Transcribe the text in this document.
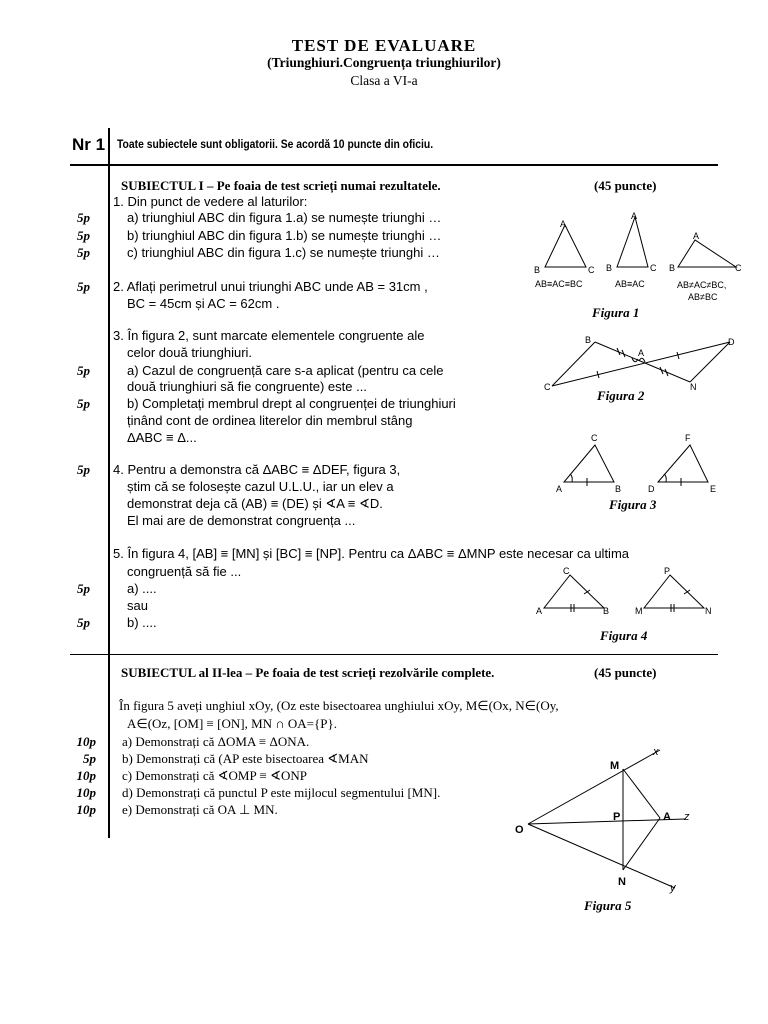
TEST DE EVALUARE
(Triunghiuri.Congruența triunghiurilor)
Clasa a VI-a
Nr 1 Toate subiectele sunt obligatorii. Se acordă 10 puncte din oficiu.
SUBIECTUL I – Pe foaia de test scrieți numai rezultatele.	(45 puncte)
1. Din punct de vedere al laturilor:
5p	a) triunghiul ABC din figura 1.a) se numește triunghi …
5p	b) triunghiul ABC din figura 1.b) se numește triunghi …
5p	c) triunghiul ABC din figura 1.c) se numește triunghi …
5p 2. Aflați perimetrul unui triunghi ABC unde AB = 31cm ,
BC = 45cm și AC = 62cm .
3. În figura 2, sunt marcate elementele congruente ale
celor două triunghiuri.
5p	a) Cazul de congruență care s-a aplicat (pentru ca cele
două triunghiuri să fie congruente) este ...
5p	b) Completați membrul drept al congruenței de triunghiuri
ținând cont de ordinea literelor din membrul stâng
ΔABC ≡ Δ...
5p 4. Pentru a demonstra că ΔABC ≡ ΔDEF, figura 3,
știm că se folosește cazul U.L.U., iar un elev a
demonstrat deja că (AB) ≡ (DE) și ∢A ≡ ∢D.
El mai are de demonstrat congruența ...
5. În figura 4, [AB] ≡ [MN] și [BC] ≡ [NP]. Pentru ca ΔABC ≡ ΔMNP este necesar ca ultima
congruență să fie ...
5p	a) ....
sau
5p	b) ....
SUBIECTUL al II-lea – Pe foaia de test scrieți rezolvările complete.	(45 puncte)
În figura 5 aveți unghiul xOy, (Oz este bisectoarea unghiului xOy, M∈(Ox, N∈(Oy,
A∈(Oz, [OM] ≡ [ON], MN ∩ OA={P}.
10p a) Demonstrați că ΔOMA ≡ ΔONA.
5p b) Demonstrați că (AP este bisectoarea ∢MAN
10p c) Demonstrați că ∢OMP ≡ ∢ONP
10p d) Demonstrați că punctul P este mijlocul segmentului [MN].
10p e) Demonstrați că OA ⊥ MN.
A
B	C
A
B	C
A
B	C
AB≡AC≡BC	AB≡AC	AB≠AC≠BC,
AB≠BC
Figura 1
B
A
D
C	N
Figura 2
C
A	B
F
D	E
Figura 3
C
A	B
P
M	N
Figura 4
x
M
P	A z
O
N	y
Figura 5
